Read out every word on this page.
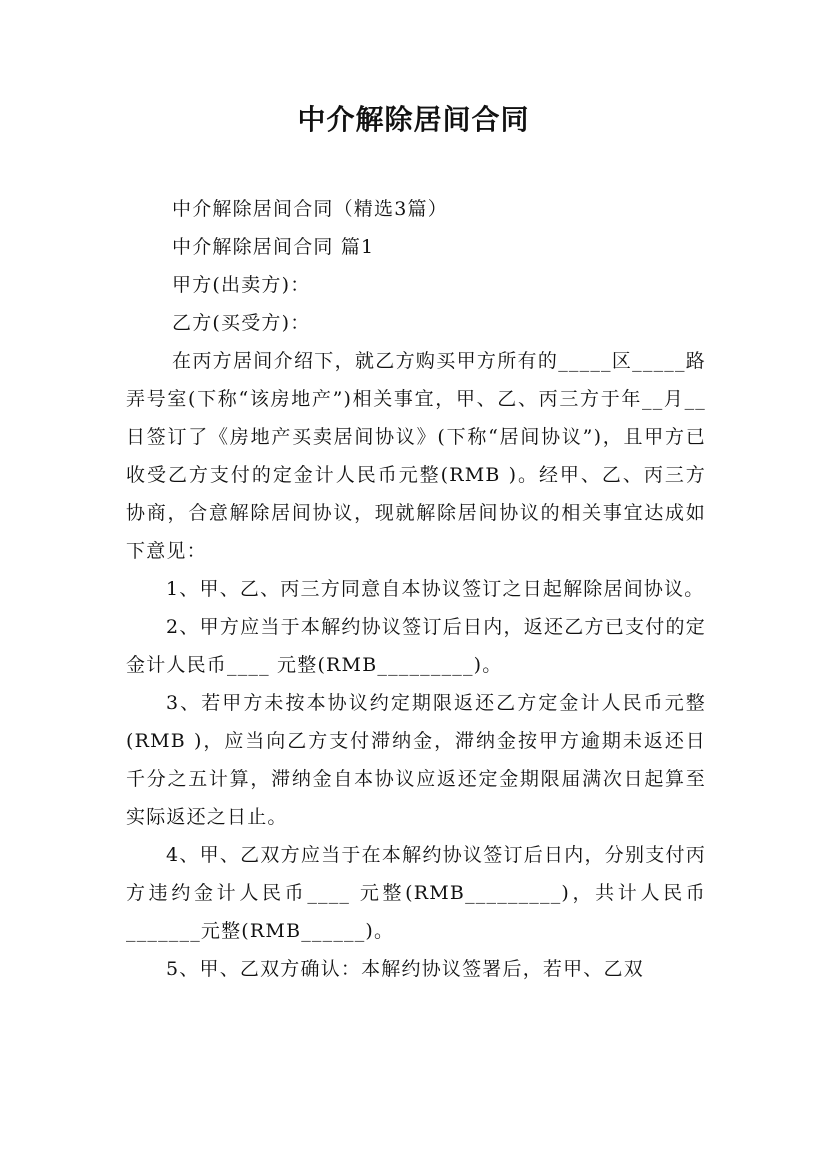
中介解除居间合同

中介解除居间合同（精选3篇）

中介解除居间合同 篇1

甲方(出卖方)：

乙方(买受方)：

在丙方居间介绍下，就乙方购买甲方所有的_____区_____路弄号室(下称“该房地产”)相关事宜，甲、乙、丙三方于年__月__日签订了《房地产买卖居间协议》(下称“居间协议”)，且甲方已收受乙方支付的定金计人民币元整(RMB )。经甲、乙、丙三方协商，合意解除居间协议，现就解除居间协议的相关事宜达成如下意见：

1、甲、乙、丙三方同意自本协议签订之日起解除居间协议。

2、甲方应当于本解约协议签订后日内，返还乙方已支付的定金计人民币____ 元整(RMB_________)。

3、若甲方未按本协议约定期限返还乙方定金计人民币元整(RMB )，应当向乙方支付滞纳金，滞纳金按甲方逾期未返还日千分之五计算，滞纳金自本协议应返还定金期限届满次日起算至实际返还之日止。

4、甲、乙双方应当于在本解约协议签订后日内，分别支付丙方违约金计人民币____ 元整(RMB_________)，共计人民币_______元整(RMB______)。

5、甲、乙双方确认：本解约协议签署后，若甲、乙双
